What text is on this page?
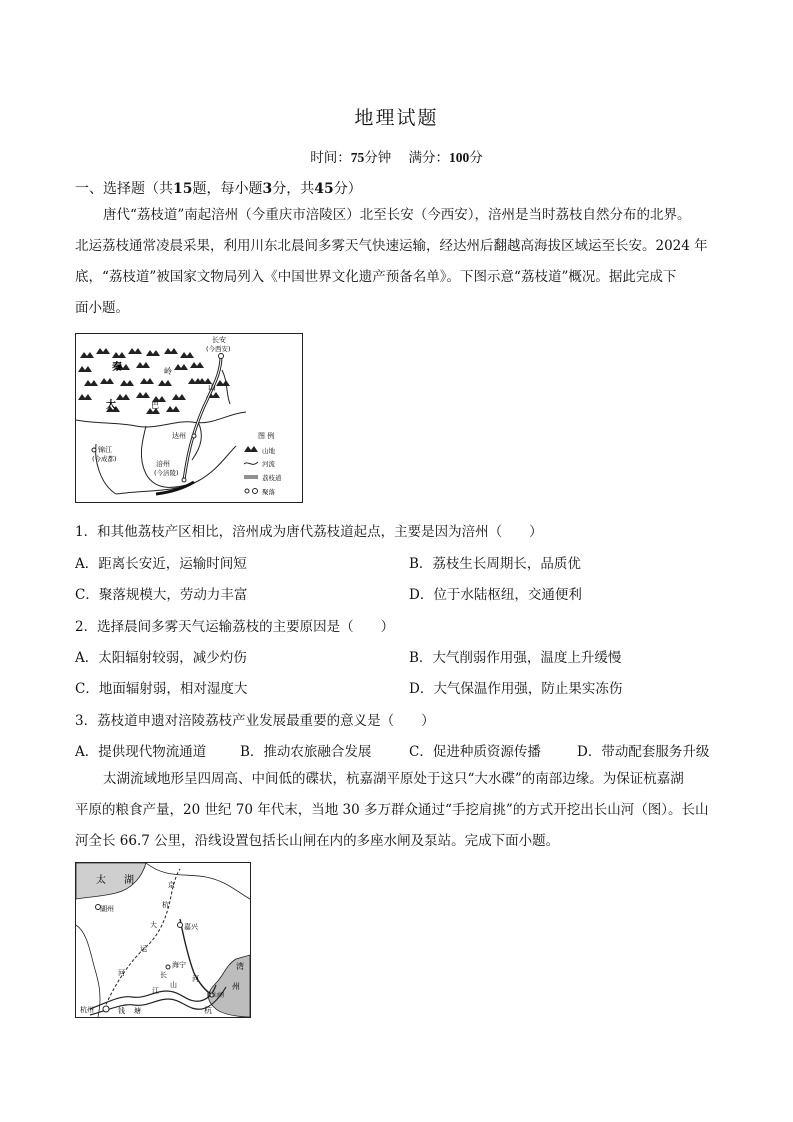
地理试题
时间：75分钟 满分：100分
一、选择题（共15题，每小题3分，共45分）
唐代“荔枝道”南起涪州（今重庆市涪陵区）北至长安（今西安），涪州是当时荔枝自然分布的北界。
北运荔枝通常凌晨采果，利用川东北晨间多雾天气快速运输，经达州后翻越高海拔区域运至长安。2024 年
底，“荔枝道”被国家文物局列入《中国世界文化遗产预备名单》。下图示意“荔枝道”概况。据此完成下
面小题。
长安
(今西安)
秦	岭
大	巴
山
达州
锦江
(今成都)
涪州
(今涪陵)
图 例
山地
河流
荔枝道
聚落
1．和其他荔枝产区相比，涪州成为唐代荔枝道起点，主要是因为涪州（　　）
A．距离长安近，运输时间短	B．荔枝生长周期长，品质优
C．聚落规模大，劳动力丰富	D．位于水陆枢纽，交通便利
2．选择晨间多雾天气运输荔枝的主要原因是（　　）
A．太阳辐射较弱，减少灼伤	B．大气削弱作用强，温度上升缓慢
C．地面辐射弱，相对湿度大	D．大气保温作用强，防止果实冻伤
3．荔枝道申遗对涪陵荔枝产业发展最重要的意义是（　　）
A．提供现代物流通道	B．推动农旅融合发展	C．促进种质资源传播	D．带动配套服务升级
太湖流域地形呈四周高、中间低的碟状，杭嘉湖平原处于这只“大水碟”的南部边缘。为保证杭嘉湖
平原的粮食产量，20 世纪 70 年代末，当地 30 多万群众通过“手挖肩挑”的方式开挖出长山河（图）。长山
河全长 66.7 公里，沿线设置包括长山闸在内的多座水闸及泵站。完成下面小题。
太 湖
湖州
京
杭
大
运
河
嘉兴
海宁
长
山
河
长山闸
江
钱 塘
杭州	杭
州
湾
